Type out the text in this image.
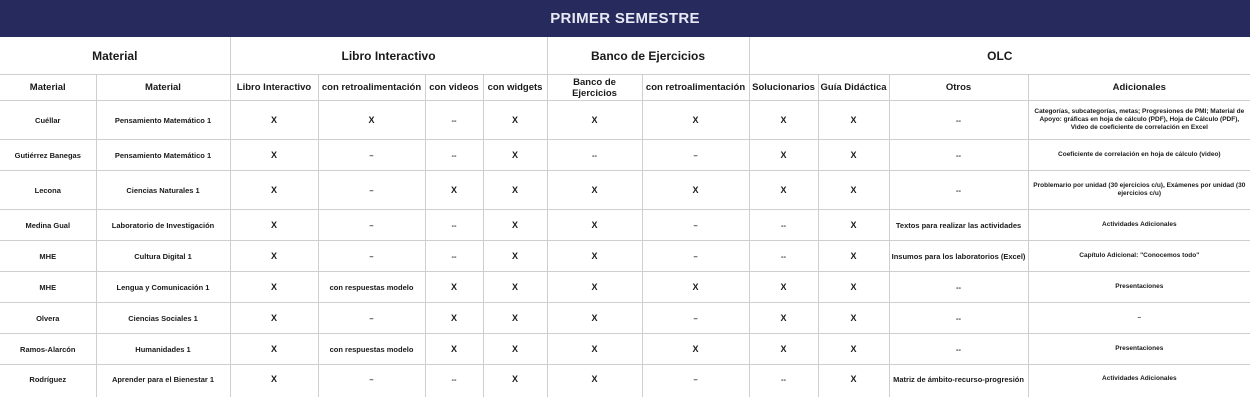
PRIMER SEMESTRE
Material		Libro Interactivo				Banco de Ejercicios		OLC			
Material	Material	Libro Interactivo	con retroalimentación	con videos	con widgets	Banco de Ejercicios	con retroalimentación	Solucionarios	Guía Didáctica	Otros	Adicionales
Cuéllar	Pensamiento Matemático 1	X	X	--	X	X	X	X	X	--	Categorías, subcategorías, metas; Progresiones de PMI; Material de Apoyo: gráficas en hoja de cálculo (PDF), Hoja de Cálculo (PDF), Video de coeficiente de correlación en Excel
Gutiérrez Banegas	Pensamiento Matemático 1	X	–	--	X	--	–	X	X	--	Coeficiente de correlación en hoja de cálculo (video)
Lecona	Ciencias Naturales 1	X	–	X	X	X	X	X	X	--	Problemario por unidad (30 ejercicios c/u), Exámenes por unidad (30 ejercicios c/u)
Medina Gual	Laboratorio de Investigación	X	–	--	X	X	–	--	X	Textos para realizar las actividades	Actividades Adicionales
MHE	Cultura Digital 1	X	–	--	X	X	–	--	X	Insumos para los laboratorios (Excel)	Capítulo Adicional: "Conocemos todo"
MHE	Lengua y Comunicación 1	X	con respuestas modelo	X	X	X	X	X	X	--	Presentaciones
Olvera	Ciencias Sociales 1	X	–	X	X	X	–	X	X	--	–
Ramos-Alarcón	Humanidades 1	X	con respuestas modelo	X	X	X	X	X	X	--	Presentaciones
Rodríguez	Aprender para el Bienestar 1	X	–	--	X	X	–	--	X	Matriz de ámbito-recurso-progresión	Actividades Adicionales
